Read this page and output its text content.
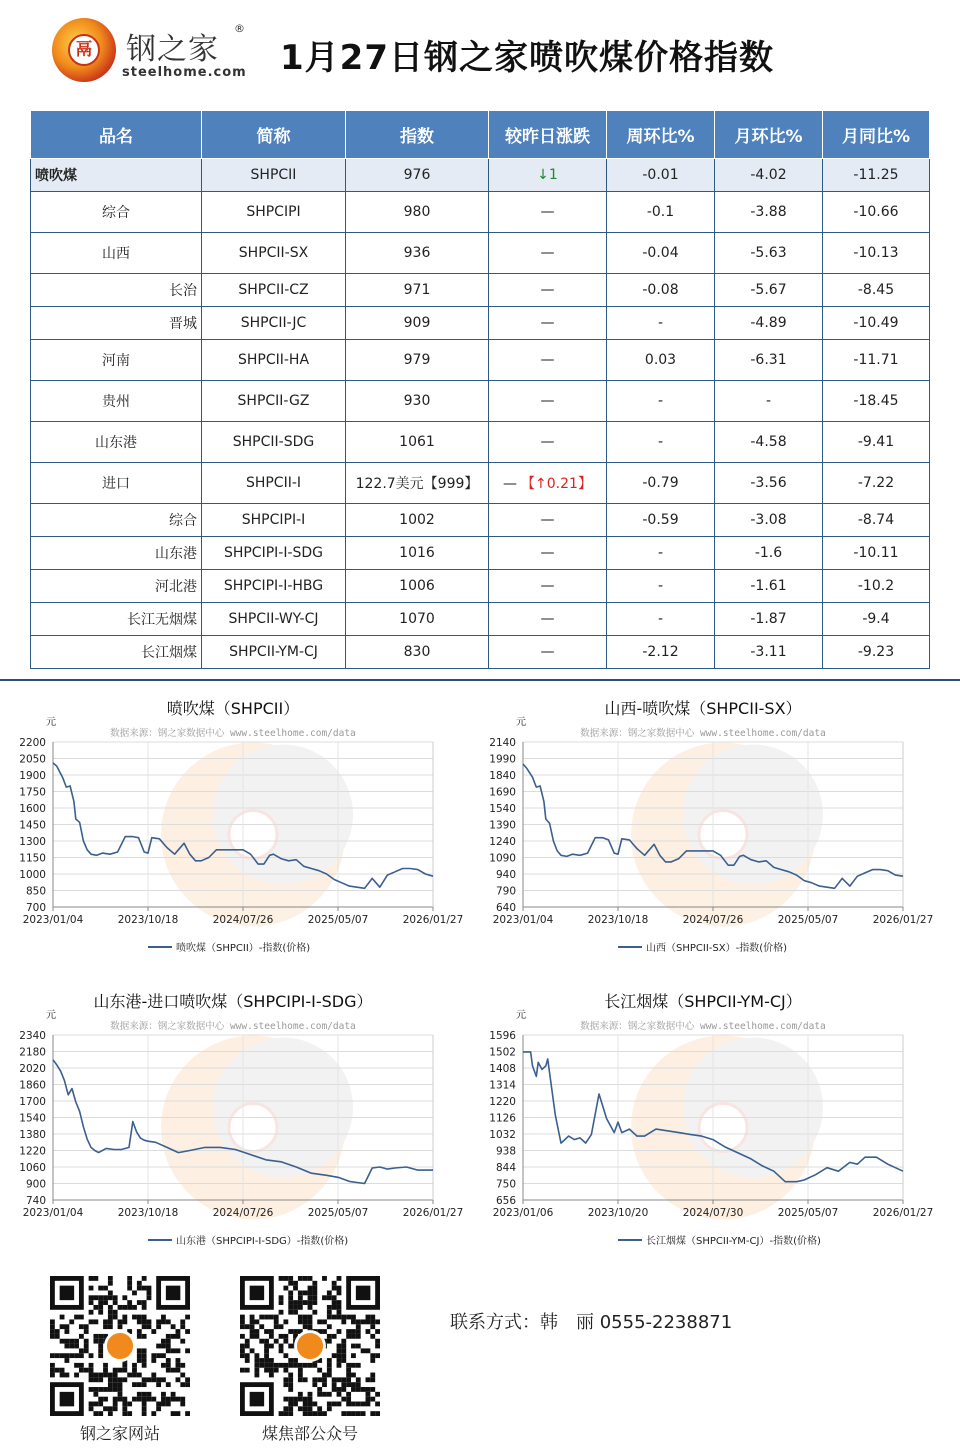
鬲 钢之家
®
steelhome.com 1月27日钢之家喷吹煤价格指数
品名	简称	指数	较昨日涨跌	周环比%	月环比%	月同比%
喷吹煤	SHPCII	976	↓1	-0.01	-4.02	-11.25
综合	SHPCIPI	980	—	-0.1	-3.88	-10.66
山西	SHPCII-SX	936	—	-0.04	-5.63	-10.13
长治	SHPCII-CZ	971	—	-0.08	-5.67	-8.45
晋城	SHPCII-JC	909	—	-	-4.89	-10.49
河南	SHPCII-HA	979	—	0.03	-6.31	-11.71
贵州	SHPCII-GZ	930	—	-	-	-18.45
山东港	SHPCII-SDG	1061	—	-	-4.58	-9.41
进口	SHPCII-I	122.7美元【999】	— 【↑0.21】	-0.79	-3.56	-7.22
综合	SHPCIPI-I	1002	—	-0.59	-3.08	-8.74
山东港	SHPCIPI-I-SDG	1016	—	-	-1.6	-10.11
河北港	SHPCIPI-I-HBG	1006	—	-	-1.61	-10.2
长江无烟煤	SHPCII-WY-CJ	1070	—	-	-1.87	-9.4
长江烟煤	SHPCII-YM-CJ	830	—	-2.12	-3.11	-9.23
喷吹煤（SHPCII）
数据来源：钢之家数据中心 www.steelhome.com/data
元
2200
2050
1900
1750
1600
1450
1300
1150
1000
850
700
2023/01/04	2023/10/18	2024/07/26	2025/05/07	2026/01/27
喷吹煤（SHPCII）-指数(价格)
山西-喷吹煤（SHPCII-SX）
数据来源：钢之家数据中心 www.steelhome.com/data
元
2140
1990
1840
1690
1540
1390
1240
1090
940
790
640
2023/01/04	2023/10/18	2024/07/26	2025/05/07	2026/01/27
山西（SHPCII-SX）-指数(价格)
山东港-进口喷吹煤（SHPCIPI-I-SDG）
数据来源：钢之家数据中心 www.steelhome.com/data
元
2340
2180
2020
1860
1700
1540
1380
1220
1060
900
740
2023/01/04	2023/10/18	2024/07/26	2025/05/07	2026/01/27
山东港（SHPCIPI-I-SDG）-指数(价格)
长江烟煤（SHPCII-YM-CJ）
数据来源：钢之家数据中心 www.steelhome.com/data
元
1596
1502
1408
1314
1220
1126
1032
938
844
750
656
2023/01/06	2023/10/20	2024/07/30	2025/05/07	2026/01/27
长江烟煤（SHPCII-YM-CJ）-指数(价格)
钢之家网站	煤焦部公众号
联系方式：韩　丽 0555-2238871
